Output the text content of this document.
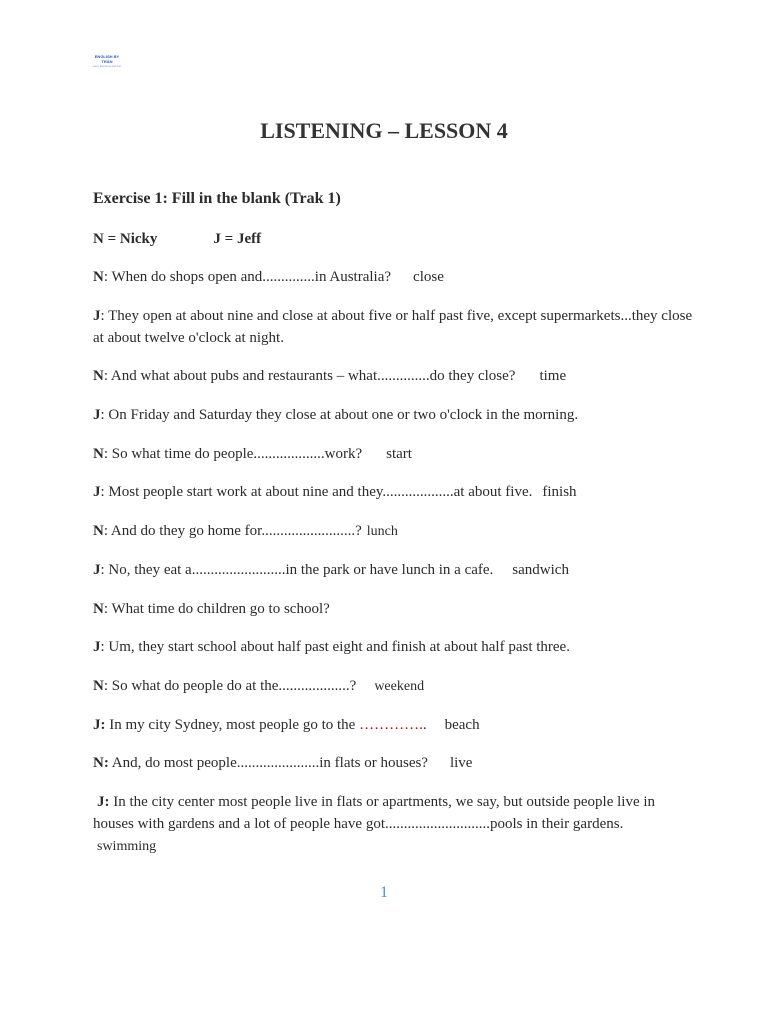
ENGLISH BY TRÂN
easy learning and fun
LISTENING – LESSON 4
Exercise 1: Fill in the blank (Trak 1)
N = Nicky	J = Jeff
N: When do shops open and..............in Australia? close
J: They open at about nine and close at about five or half past five, except supermarkets...they close at about twelve o'clock at night.
N: And what about pubs and restaurants – what..............do they close? time
J: On Friday and Saturday they close at about one or two o'clock in the morning.
N: So what time do people...................work? start
J: Most people start work at about nine and they...................at about five. finish
N: And do they go home for.........................? lunch
J: No, they eat a.........................in the park or have lunch in a cafe. sandwich
N: What time do children go to school?
J: Um, they start school about half past eight and finish at about half past three.
N: So what do people do at the...................? weekend
J: In my city Sydney, most people go to the ………….. beach
N: And, do most people......................in flats or houses? live
J: In the city center most people live in flats or apartments, we say, but outside people live in houses with gardens and a lot of people have got............................pools in their gardens.
swimming
1
